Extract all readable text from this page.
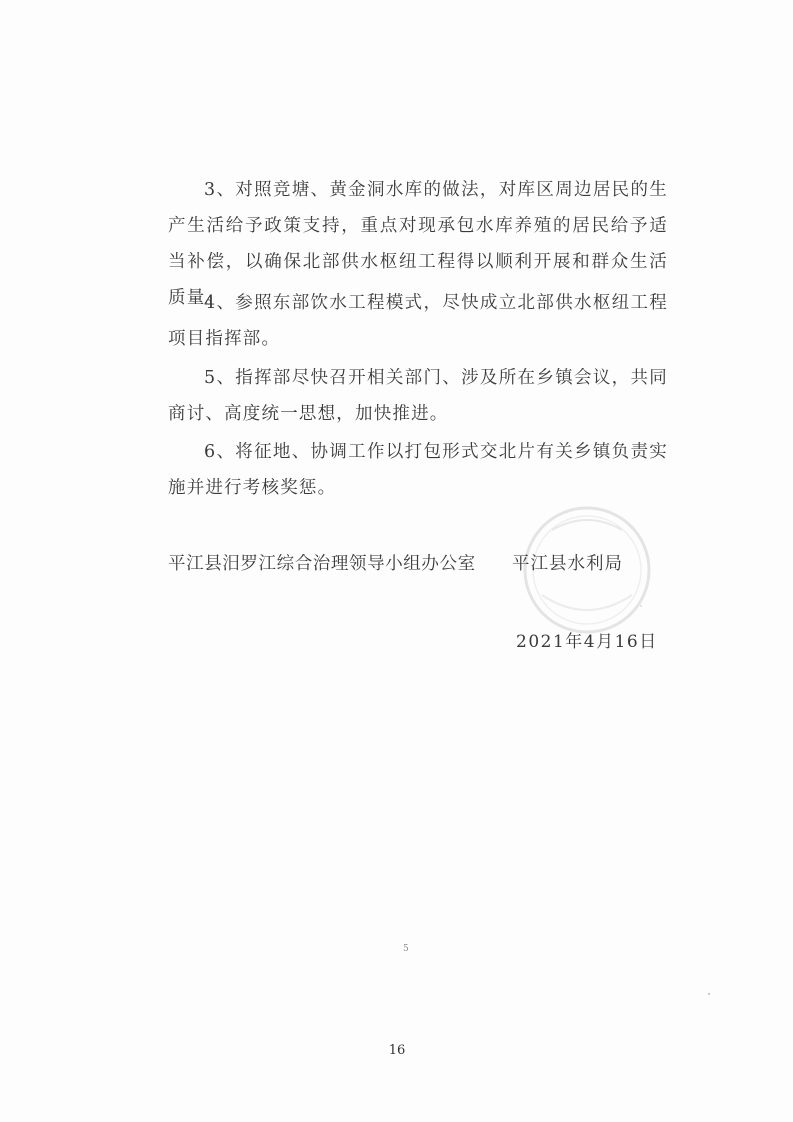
3、对照竞塘、黄金洞水库的做法，对库区周边居民的生产生活给予政策支持，重点对现承包水库养殖的居民给予适当补偿，以确保北部供水枢纽工程得以顺利开展和群众生活质量。

4、参照东部饮水工程模式，尽快成立北部供水枢纽工程项目指挥部。

5、指挥部尽快召开相关部门、涉及所在乡镇会议，共同商讨、高度统一思想，加快推进。

6、将征地、协调工作以打包形式交北片有关乡镇负责实施并进行考核奖惩。

平江县汨罗江综合治理领导小组办公室 平江县水利局
2021年4月16日
5
16
